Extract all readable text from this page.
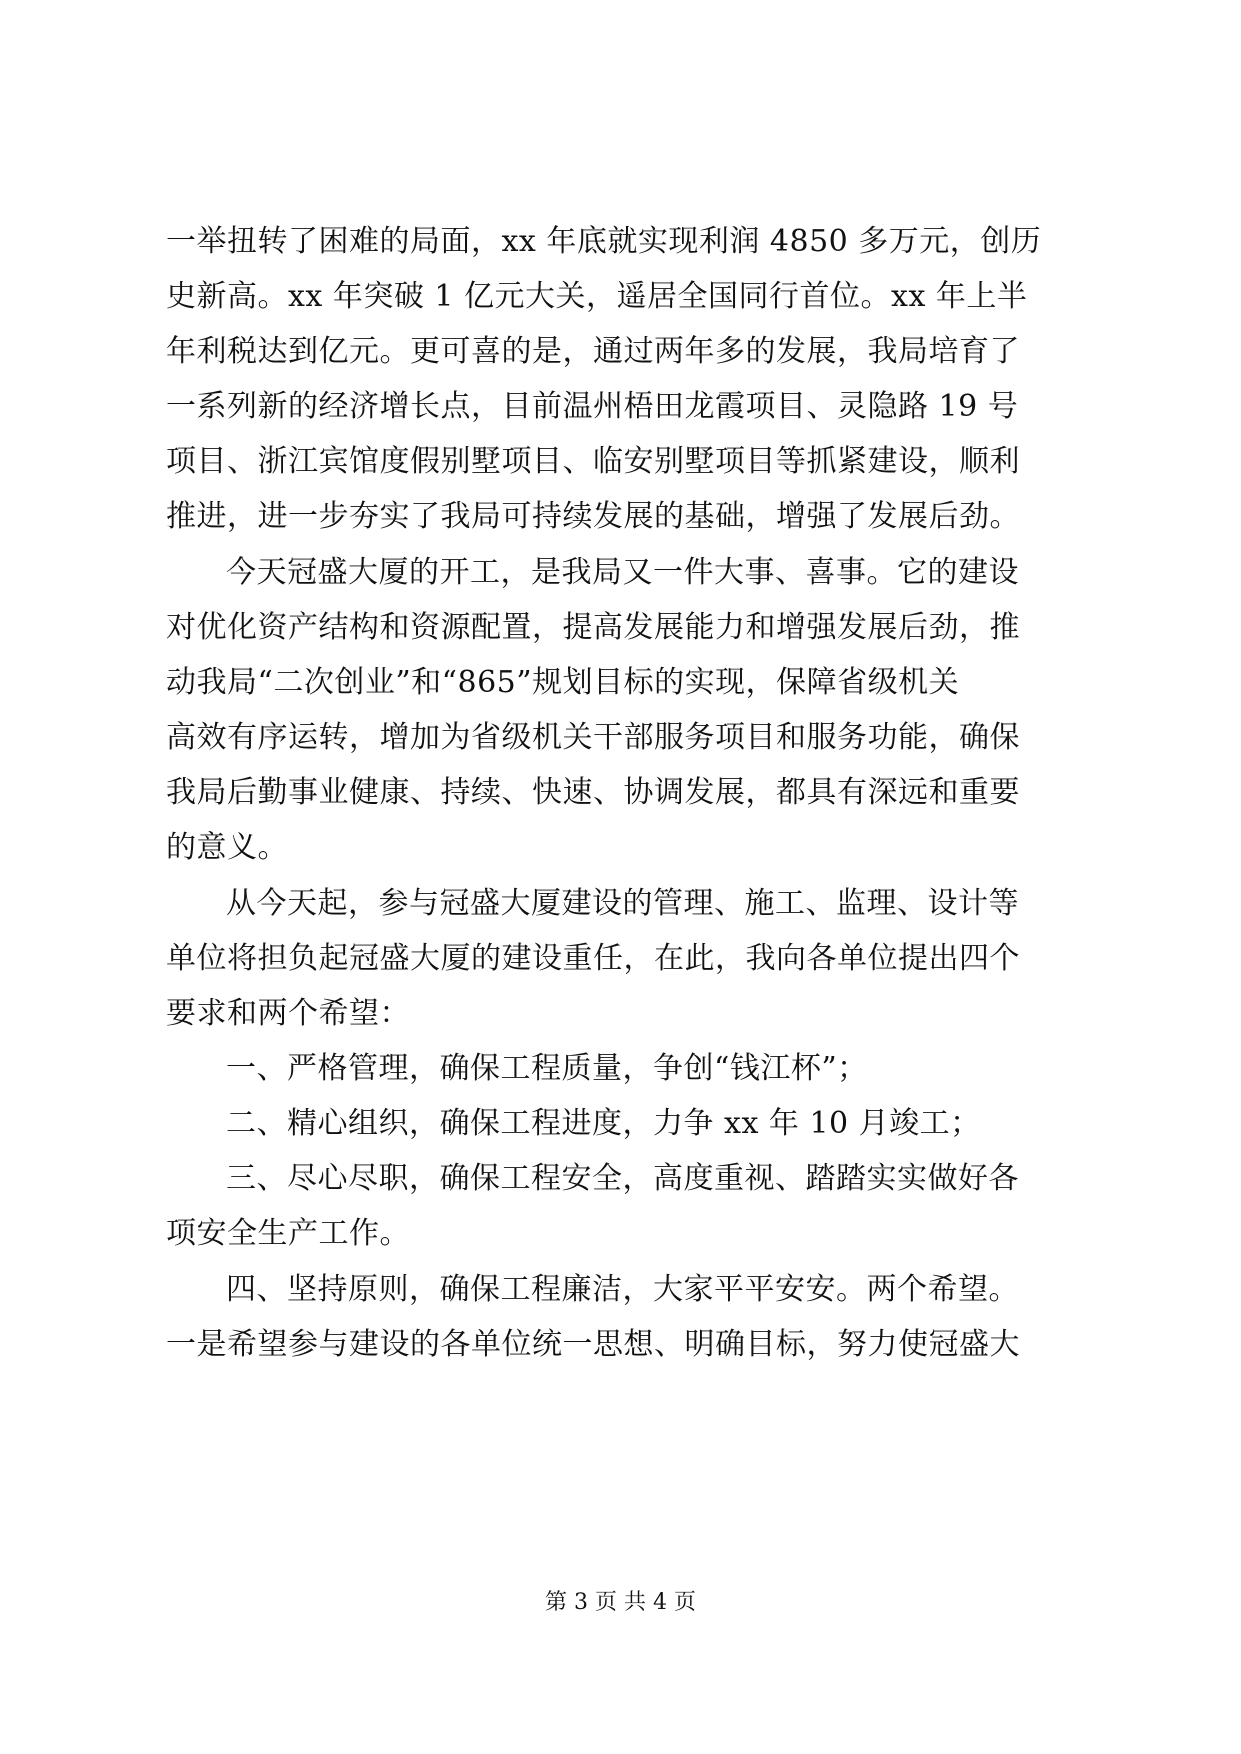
一举扭转了困难的局面，xx 年底就实现利润 4850 多万元，创历
史新高。xx 年突破 1 亿元大关，遥居全国同行首位。xx 年上半
年利税达到亿元。更可喜的是，通过两年多的发展，我局培育了
一系列新的经济增长点，目前温州梧田龙霞项目、灵隐路 19 号
项目、浙江宾馆度假别墅项目、临安别墅项目等抓紧建设，顺利
推进，进一步夯实了我局可持续发展的基础，增强了发展后劲。
今天冠盛大厦的开工，是我局又一件大事、喜事。它的建设
对优化资产结构和资源配置，提高发展能力和增强发展后劲，推
动我局“二次创业”和“865”规划目标的实现，保障省级机关
高效有序运转，增加为省级机关干部服务项目和服务功能，确保
我局后勤事业健康、持续、快速、协调发展，都具有深远和重要
的意义。
从今天起，参与冠盛大厦建设的管理、施工、监理、设计等
单位将担负起冠盛大厦的建设重任，在此，我向各单位提出四个
要求和两个希望：
一、严格管理，确保工程质量，争创“钱江杯”；
二、精心组织，确保工程进度，力争 xx 年 10 月竣工；
三、尽心尽职，确保工程安全，高度重视、踏踏实实做好各
项安全生产工作。
四、坚持原则，确保工程廉洁，大家平平安安。两个希望。
一是希望参与建设的各单位统一思想、明确目标，努力使冠盛大
第 3 页 共 4 页
